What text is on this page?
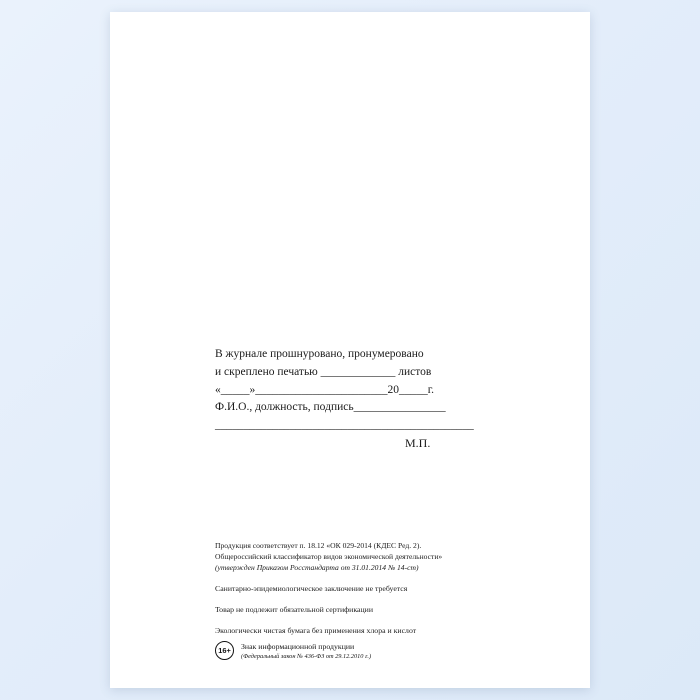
В журнале прошнуровано, пронумеровано
и скреплено печатью _____________ листов
«_____»_______________________20_____г.
Ф.И.О., должность, подпись________________
_____________________________________________
М.П.

Продукция соответствует п. 18.12 «ОК 029-2014 (КДЕС Ред. 2).
Общероссийский классификатор видов экономической деятельности»
(утвержден Приказом Росстандарта от 31.01.2014 № 14-ст)

Санитарно-эпидемиологическое заключение не требуется

Товар не подлежит обязательной сертификации

Экологически чистая бумага без применения хлора и кислот

16+	Знак информационной продукции
(Федеральный закон № 436-ФЗ от 29.12.2010 г.)
